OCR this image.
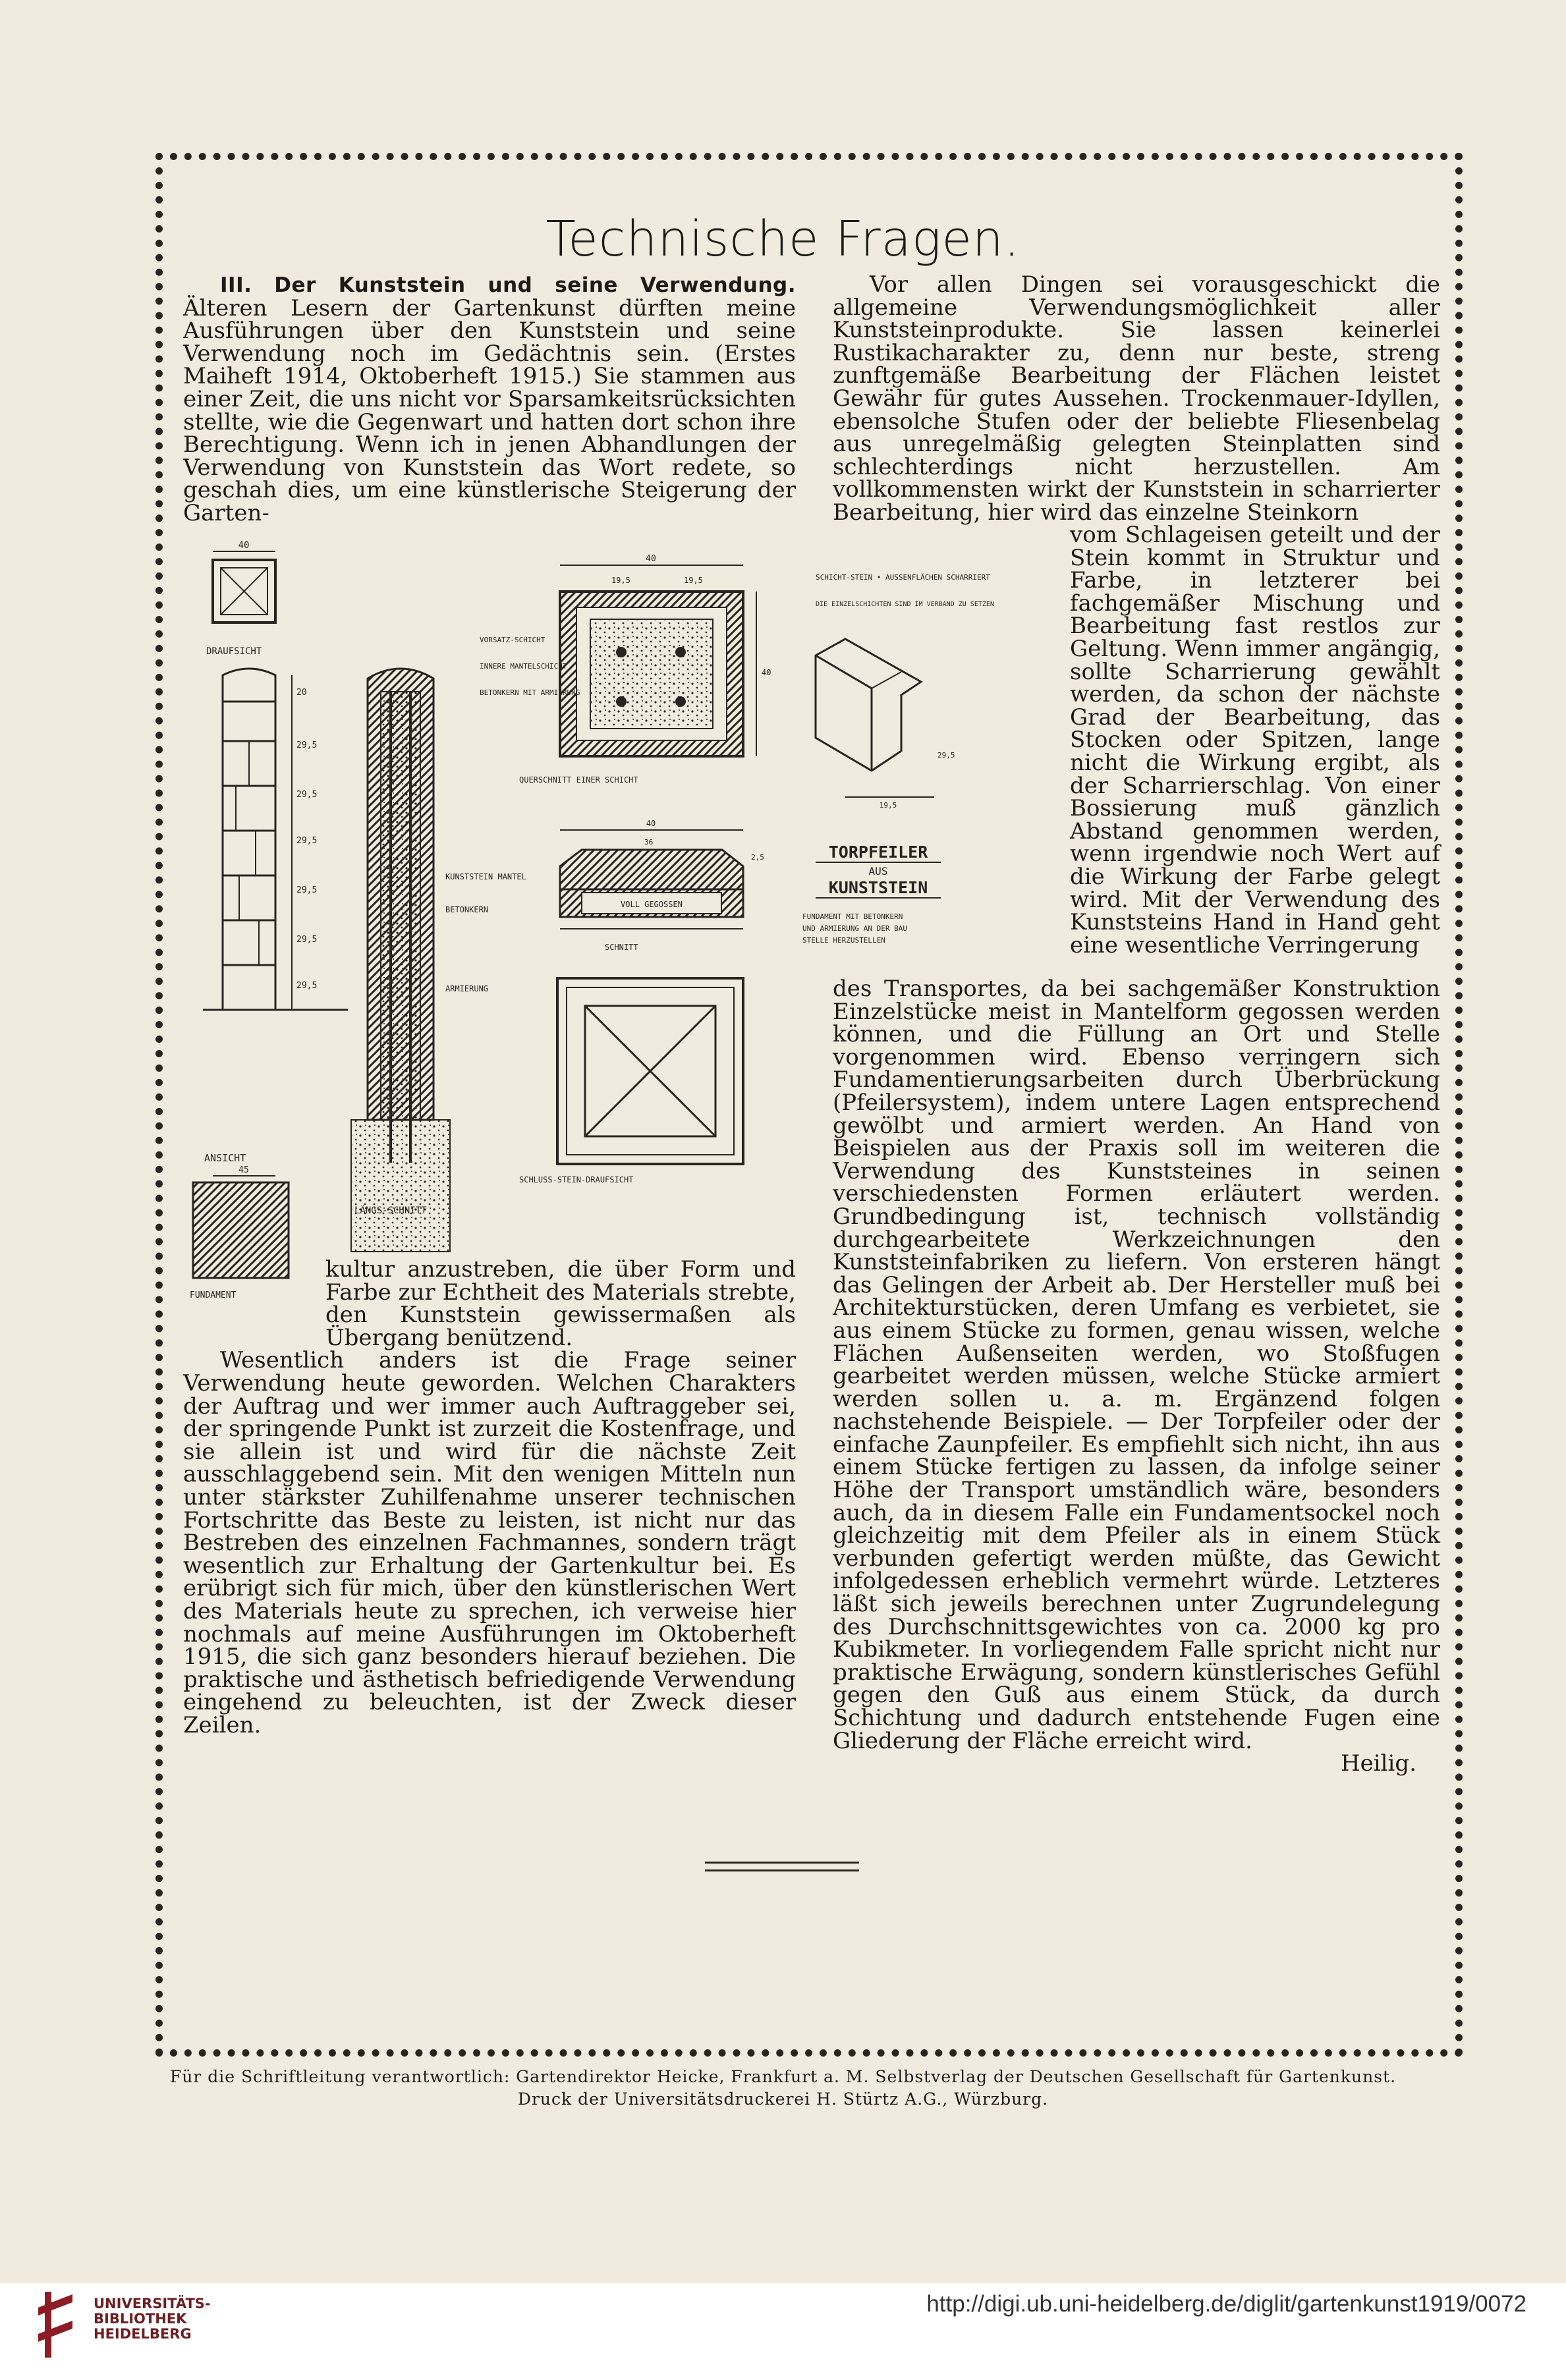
Technische Fragen.

III. Der Kunststein und seine Verwendung. Älteren Lesern der Gartenkunst dürften meine Ausführungen über den Kunststein und seine Verwendung noch im Gedächtnis sein. (Erstes Maiheft 1914, Oktoberheft 1915.) Sie stammen aus einer Zeit, die uns nicht vor Sparsamkeitsrücksichten stellte, wie die Gegenwart und hatten dort schon ihre Berechtigung. Wenn ich in jenen Abhandlungen der Verwendung von Kunststein das Wort redete, so geschah dies, um eine künstlerische Steigerung der Garten-

40
DRAUFSICHT
20
29,5
29,5
29,5
29,5
29,5
29,5
ANSICHT
45
FUNDAMENT
KUNSTSTEIN MANTEL
BETONKERN
ARMIERUNG
LÄNGS-SCHNITT
40
19,5	19,5
40
VORSATZ-SCHICHT
INNERE MANTELSCHICHT
BETONKERN MIT ARMIERUNG
QUERSCHNITT EINER SCHICHT
40
36
2,5
VOLL GEGOSSEN
SCHNITT
SCHLUSS-STEIN-DRAUFSICHT
SCHICHT-STEIN • AUSSENFLÄCHEN SCHARRIERT
DIE EINZELSCHICHTEN SIND IM VERBAND ZU SETZEN
19,5
29,5
TORPFEILER
AUS
KUNSTSTEIN
FUNDAMENT MIT BETONKERN
UND ARMIERUNG AN DER BAU
STELLE HERZUSTELLEN

kultur anzustreben, die über Form und Farbe zur Echtheit des Materials strebte, den Kunststein gewissermaßen als Übergang benützend.

Wesentlich anders ist die Frage seiner Verwendung heute geworden. Welchen Charakters der Auftrag und wer immer auch Auftraggeber sei, der springende Punkt ist zurzeit die Kostenfrage, und sie allein ist und wird für die nächste Zeit ausschlaggebend sein. Mit den wenigen Mitteln nun unter stärkster Zuhilfenahme unserer technischen Fortschritte das Beste zu leisten, ist nicht nur das Bestreben des einzelnen Fachmannes, sondern trägt wesentlich zur Erhaltung der Gartenkultur bei. Es erübrigt sich für mich, über den künstlerischen Wert des Materials heute zu sprechen, ich verweise hier nochmals auf meine Ausführungen im Oktoberheft 1915, die sich ganz besonders hierauf beziehen. Die praktische und ästhetisch befriedigende Verwendung eingehend zu beleuchten, ist der Zweck dieser Zeilen.

Vor allen Dingen sei vorausgeschickt die allgemeine Verwendungsmöglichkeit aller Kunststeinprodukte. Sie lassen keinerlei Rustikacharakter zu, denn nur beste, streng zunftgemäße Bearbeitung der Flächen leistet Gewähr für gutes Aussehen. Trockenmauer-Idyllen, ebensolche Stufen oder der beliebte Fliesenbelag aus unregelmäßig gelegten Steinplatten sind schlechterdings nicht herzustellen. Am vollkommensten wirkt der Kunststein in scharrierter Bearbeitung, hier wird das einzelne Steinkorn

vom Schlageisen geteilt und der Stein kommt in Struktur und Farbe, in letzterer bei fachgemäßer Mischung und Bearbeitung fast restlos zur Geltung. Wenn immer angängig, sollte Scharrierung gewählt werden, da schon der nächste Grad der Bearbeitung, das Stocken oder Spitzen, lange nicht die Wirkung ergibt, als der Scharrierschlag. Von einer Bossierung muß gänzlich Abstand genommen werden, wenn irgendwie noch Wert auf die Wirkung der Farbe gelegt wird. Mit der Verwendung des Kunststeins Hand in Hand geht eine wesentliche Verringerung

des Transportes, da bei sachgemäßer Konstruktion Einzelstücke meist in Mantelform gegossen werden können, und die Füllung an Ort und Stelle vorgenommen wird. Ebenso verringern sich Fundamentierungsarbeiten durch Überbrückung (Pfeilersystem), indem untere Lagen entsprechend gewölbt und armiert werden. An Hand von Beispielen aus der Praxis soll im weiteren die Verwendung des Kunststeines in seinen verschiedensten Formen erläutert werden. Grundbedingung ist, technisch vollständig durchgearbeitete Werkzeichnungen den Kunststeinfabriken zu liefern. Von ersteren hängt das Gelingen der Arbeit ab. Der Hersteller muß bei Architekturstücken, deren Umfang es verbietet, sie aus einem Stücke zu formen, genau wissen, welche Flächen Außenseiten werden, wo Stoßfugen gearbeitet werden müssen, welche Stücke armiert werden sollen u. a. m. Ergänzend folgen nachstehende Beispiele. — Der Torpfeiler oder der einfache Zaunpfeiler. Es empfiehlt sich nicht, ihn aus einem Stücke fertigen zu lassen, da infolge seiner Höhe der Transport umständlich wäre, besonders auch, da in diesem Falle ein Fundamentsockel noch gleichzeitig mit dem Pfeiler als in einem Stück verbunden gefertigt werden müßte, das Gewicht infolgedessen erheblich vermehrt würde. Letzteres läßt sich jeweils berechnen unter Zugrundelegung des Durchschnittsgewichtes von ca. 2000 kg pro Kubikmeter. In vorliegendem Falle spricht nicht nur praktische Erwägung, sondern künstlerisches Gefühl gegen den Guß aus einem Stück, da durch Schichtung und dadurch entstehende Fugen eine Gliederung der Fläche erreicht wird.

Heilig.

Für die Schriftleitung verantwortlich: Gartendirektor Heicke, Frankfurt a. M. Selbstverlag der Deutschen Gesellschaft für Gartenkunst.
Druck der Universitätsdruckerei H. Stürtz A.G., Würzburg.
UNIVERSITÄTS-
BIBLIOTHEK
HEIDELBERG
http://digi.ub.uni-heidelberg.de/diglit/gartenkunst1919/0072
